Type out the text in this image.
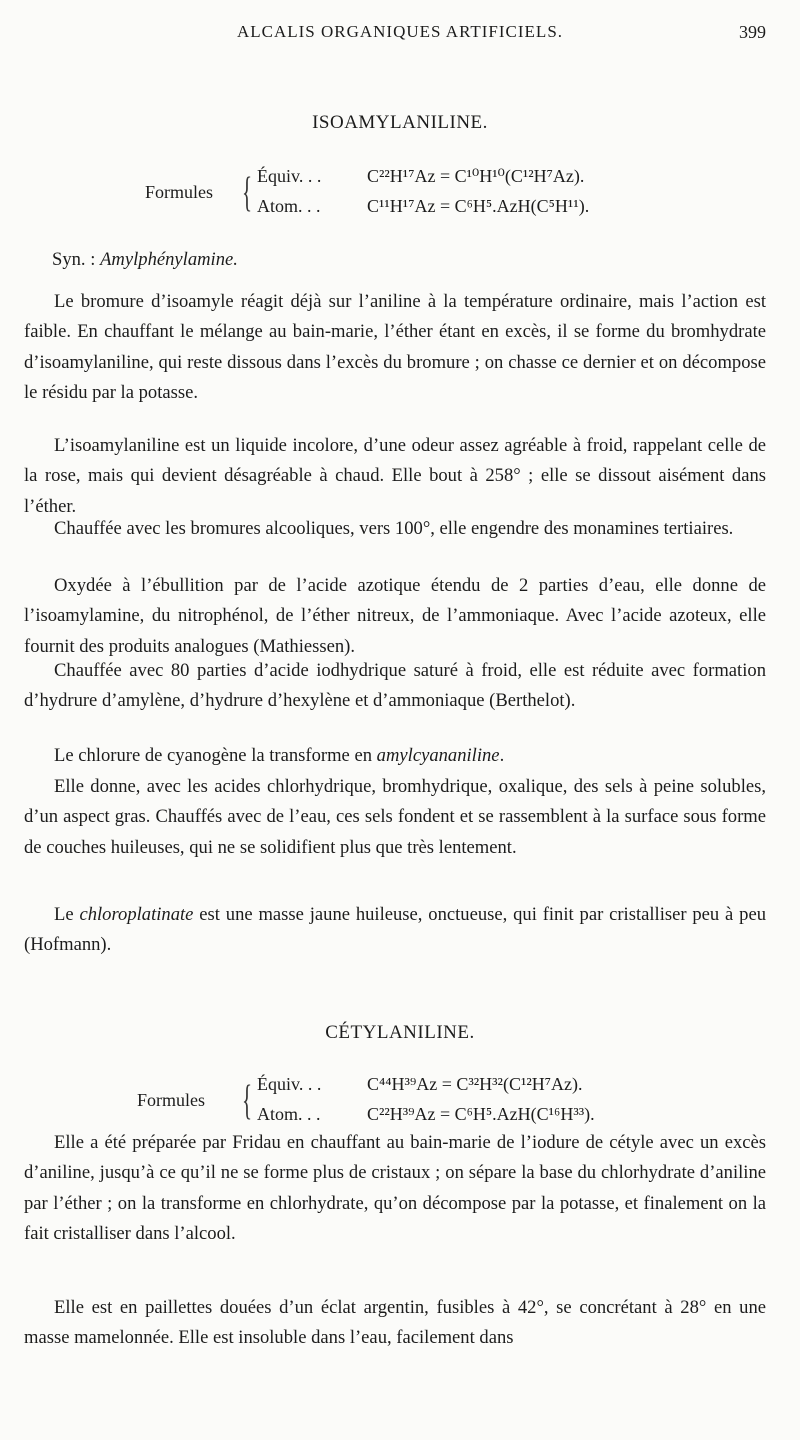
ALCALIS ORGANIQUES ARTIFICIELS.	399
ISOAMYLANILINE.
Formules { Équiv. . .	C²²H¹⁷Az = C¹⁰H¹⁰(C¹²H⁷Az).
Atom. . .	C¹¹H¹⁷Az = C⁶H⁵.AzH(C⁵H¹¹).
Syn. : Amylphénylamine.

Le bromure d’isoamyle réagit déjà sur l’aniline à la température ordinaire, mais l’action est faible. En chauffant le mélange au bain-marie, l’éther étant en excès, il se forme du bromhydrate d’isoamylaniline, qui reste dissous dans l’excès du bromure ; on chasse ce dernier et on décompose le résidu par la potasse.

L’isoamylaniline est un liquide incolore, d’une odeur assez agréable à froid, rappelant celle de la rose, mais qui devient désagréable à chaud. Elle bout à 258° ; elle se dissout aisément dans l’éther.

Chauffée avec les bromures alcooliques, vers 100°, elle engendre des monamines tertiaires.

Oxydée à l’ébullition par de l’acide azotique étendu de 2 parties d’eau, elle donne de l’isoamylamine, du nitrophénol, de l’éther nitreux, de l’ammoniaque. Avec l’acide azoteux, elle fournit des produits analogues (Mathiessen).

Chauffée avec 80 parties d’acide iodhydrique saturé à froid, elle est réduite avec formation d’hydrure d’amylène, d’hydrure d’hexylène et d’ammoniaque (Berthelot).

Le chlorure de cyanogène la transforme en amylcyananiline.

Elle donne, avec les acides chlorhydrique, bromhydrique, oxalique, des sels à peine solubles, d’un aspect gras. Chauffés avec de l’eau, ces sels fondent et se rassemblent à la surface sous forme de couches huileuses, qui ne se solidifient plus que très lentement.

Le chloroplatinate est une masse jaune huileuse, onctueuse, qui finit par cristalliser peu à peu (Hofmann).

CÉTYLANILINE.
Formules { Équiv. . .	C⁴⁴H³⁹Az = C³²H³²(C¹²H⁷Az).
Atom. . .	C²²H³⁹Az = C⁶H⁵.AzH(C¹⁶H³³).

Elle a été préparée par Fridau en chauffant au bain-marie de l’iodure de cétyle avec un excès d’aniline, jusqu’à ce qu’il ne se forme plus de cristaux ; on sépare la base du chlorhydrate d’aniline par l’éther ; on la transforme en chlorhydrate, qu’on décompose par la potasse, et finalement on la fait cristalliser dans l’alcool.

Elle est en paillettes douées d’un éclat argentin, fusibles à 42°, se concrétant à 28° en une masse mamelonnée. Elle est insoluble dans l’eau, facilement dans
